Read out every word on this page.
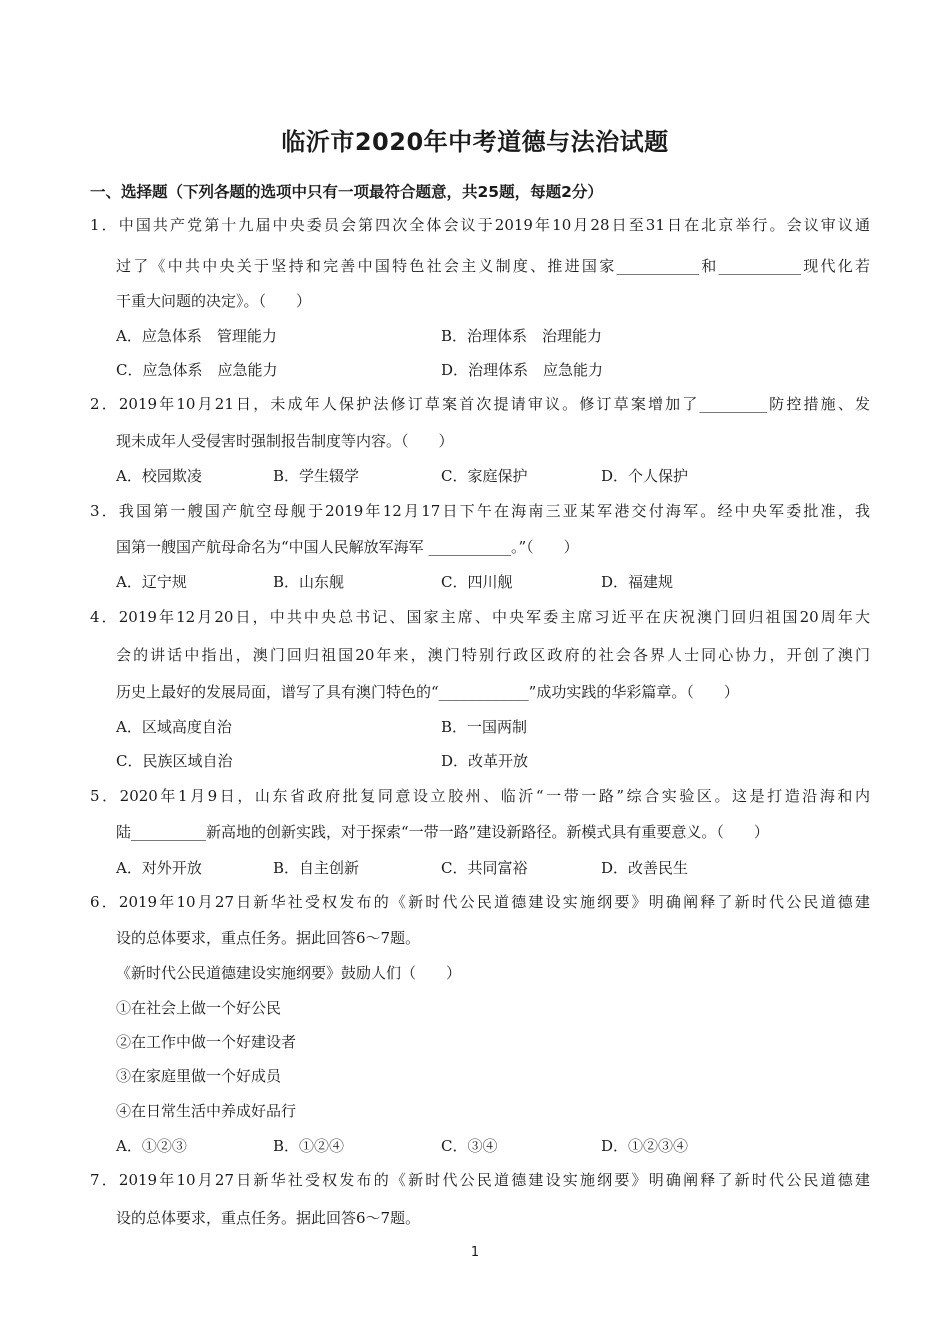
临沂市2020年中考道德与法治试题
一、选择题（下列各题的选项中只有一项最符合题意，共25题，每题2分）
1．中国共产党第十九届中央委员会第四次全体会议于2019年10月28日至31日在北京举行。会议审议通
过了《中共中央关于坚持和完善中国特色社会主义制度、推进国家___________和___________现代化若
干重大问题的决定》。（　　）
A．应急体系　管理能力	B．治理体系　治理能力
C．应急体系　应急能力	D．治理体系　应急能力
2．2019年10月21日，未成年人保护法修订草案首次提请审议。修订草案增加了_________防控措施、发
现未成年人受侵害时强制报告制度等内容。（　　）
A．校园欺凌	B．学生辍学	C．家庭保护	D．个人保护
3．我国第一艘国产航空母舰于2019年12月17日下午在海南三亚某军港交付海军。经中央军委批准，我
国第一艘国产航母命名为“中国人民解放军海军 ___________。”（　　）
A．辽宁规	B．山东舰	C．四川舰	D．福建规
4．2019年12月20日，中共中央总书记、国家主席、中央军委主席习近平在庆祝澳门回归祖国20周年大
会的讲话中指出，澳门回归祖国20年来，澳门特别行政区政府的社会各界人士同心协力，开创了澳门
历史上最好的发展局面，谱写了具有澳门特色的“____________”成功实践的华彩篇章。（　　）
A．区域高度自治	B．一国两制
C．民族区域自治	D．改革开放
5．2020年1月9日，山东省政府批复同意设立胶州、临沂“一带一路”综合实验区。这是打造沿海和内
陆__________新高地的创新实践，对于探索“一带一路”建设新路径。新模式具有重要意义。（　　）
A．对外开放	B．自主创新	C．共同富裕	D．改善民生
6．2019年10月27日新华社受权发布的《新时代公民道德建设实施纲要》明确阐释了新时代公民道德建
设的总体要求，重点任务。据此回答6～7题。
《新时代公民道德建设实施纲要》鼓励人们（　　）
①在社会上做一个好公民
②在工作中做一个好建设者
③在家庭里做一个好成员
④在日常生活中养成好品行
A．①②③	B．①②④	C．③④	D．①②③④
7．2019年10月27日新华社受权发布的《新时代公民道德建设实施纲要》明确阐释了新时代公民道德建
设的总体要求，重点任务。据此回答6～7题。
1
